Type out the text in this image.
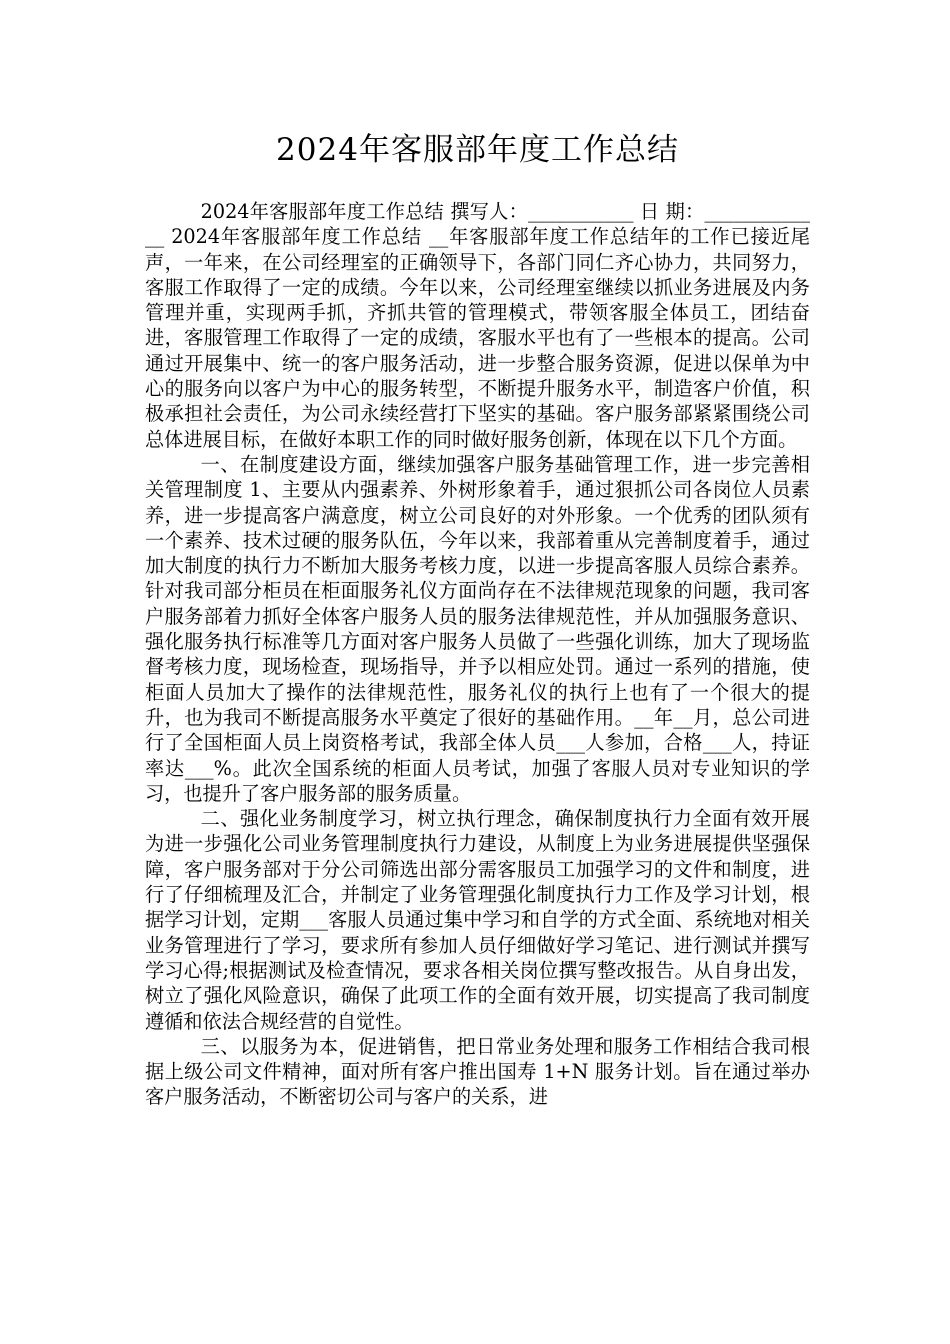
2024年客服部年度工作总结

2024年客服部年度工作总结 撰写人：___________ 日 期：_____________ 2024年客服部年度工作总结 __年客服部年度工作总结年的工作已接近尾声，一年来，在公司经理室的正确领导下，各部门同仁齐心协力，共同努力，客服工作取得了一定的成绩。今年以来，公司经理室继续以抓业务进展及内务管理并重，实现两手抓，齐抓共管的管理模式，带领客服全体员工，团结奋进，客服管理工作取得了一定的成绩，客服水平也有了一些根本的提高。公司通过开展集中、统一的客户服务活动，进一步整合服务资源，促进以保单为中心的服务向以客户为中心的服务转型，不断提升服务水平，制造客户价值，积极承担社会责任，为公司永续经营打下坚实的基础。客户服务部紧紧围绕公司总体进展目标，在做好本职工作的同时做好服务创新，体现在以下几个方面。

一、在制度建设方面，继续加强客户服务基础管理工作，进一步完善相关管理制度 1、主要从内强素养、外树形象着手，通过狠抓公司各岗位人员素养，进一步提高客户满意度，树立公司良好的对外形象。一个优秀的团队须有一个素养、技术过硬的服务队伍，今年以来，我部着重从完善制度着手，通过加大制度的执行力不断加大服务考核力度，以进一步提高客服人员综合素养。针对我司部分柜员在柜面服务礼仪方面尚存在不法律规范现象的问题，我司客户服务部着力抓好全体客户服务人员的服务法律规范性，并从加强服务意识、强化服务执行标准等几方面对客户服务人员做了一些强化训练，加大了现场监督考核力度，现场检查，现场指导，并予以相应处罚。通过一系列的措施，使柜面人员加大了操作的法律规范性，服务礼仪的执行上也有了一个很大的提升，也为我司不断提高服务水平奠定了很好的基础作用。__年__月，总公司进行了全国柜面人员上岗资格考试，我部全体人员___人参加，合格___人，持证率达___%。此次全国系统的柜面人员考试，加强了客服人员对专业知识的学习，也提升了客户服务部的服务质量。

二、强化业务制度学习，树立执行理念，确保制度执行力全面有效开展为进一步强化公司业务管理制度执行力建设，从制度上为业务进展提供坚强保障，客户服务部对于分公司筛选出部分需客服员工加强学习的文件和制度，进行了仔细梳理及汇合，并制定了业务管理强化制度执行力工作及学习计划，根据学习计划，定期___客服人员通过集中学习和自学的方式全面、系统地对相关业务管理进行了学习，要求所有参加人员仔细做好学习笔记、进行测试并撰写学习心得;根据测试及检查情况，要求各相关岗位撰写整改报告。从自身出发，树立了强化风险意识，确保了此项工作的全面有效开展，切实提高了我司制度遵循和依法合规经营的自觉性。

三、以服务为本，促进销售，把日常业务处理和服务工作相结合我司根据上级公司文件精神，面对所有客户推出国寿 1+N 服务计划。旨在通过举办客户服务活动，不断密切公司与客户的关系，进
